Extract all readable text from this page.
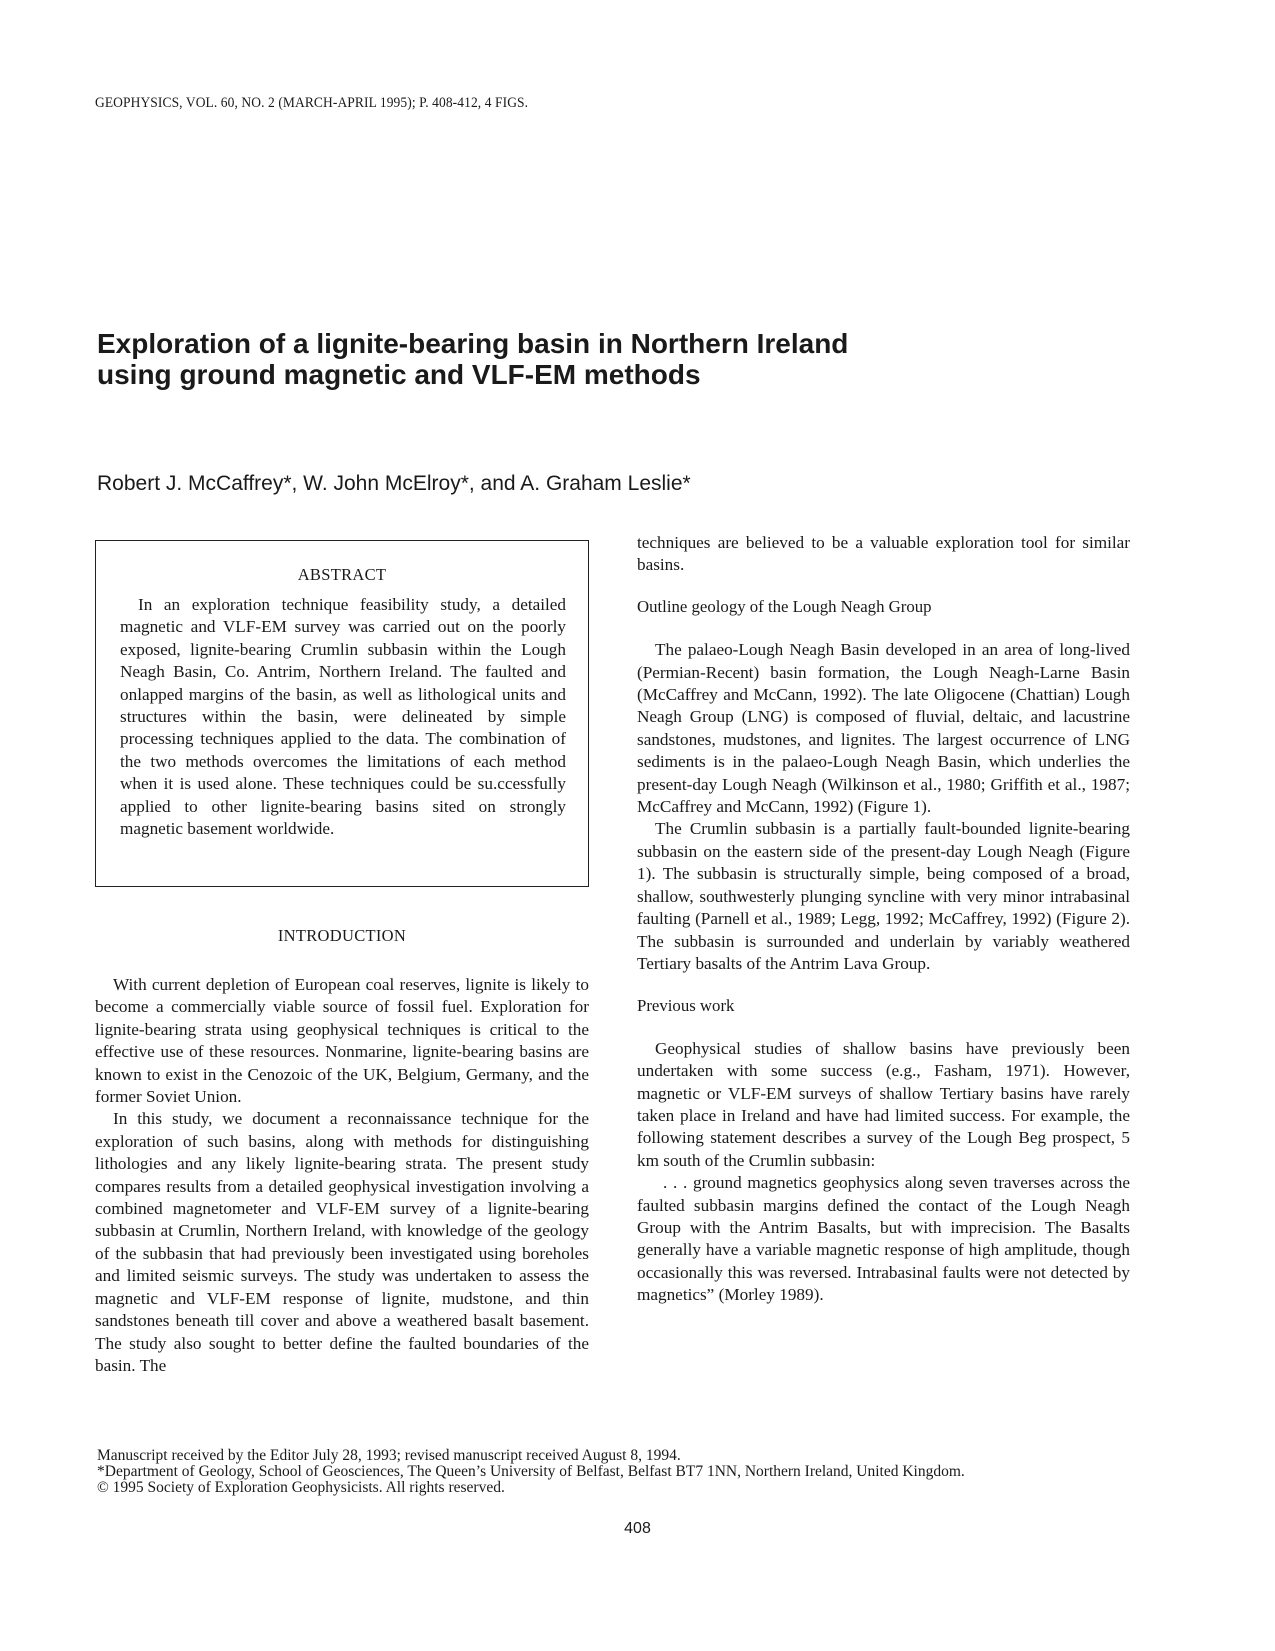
GEOPHYSICS, VOL. 60, NO. 2 (MARCH-APRIL 1995); P. 408-412, 4 FIGS.
Exploration of a lignite-bearing basin in Northern Ireland
using ground magnetic and VLF-EM methods

Robert J. McCaffrey*, W. John McElroy*, and A. Graham Leslie*

ABSTRACT

In an exploration technique feasibility study, a detailed magnetic and VLF-EM survey was carried out on the poorly exposed, lignite-bearing Crumlin subbasin within the Lough Neagh Basin, Co. Antrim, Northern Ireland. The faulted and onlapped margins of the basin, as well as lithological units and structures within the basin, were delineated by simple processing techniques applied to the data. The combination of the two methods overcomes the limitations of each method when it is used alone. These techniques could be su.ccessfully applied to other lignite-bearing basins sited on strongly magnetic basement worldwide.

INTRODUCTION

With current depletion of European coal reserves, lignite is likely to become a commercially viable source of fossil fuel. Exploration for lignite-bearing strata using geophysical techniques is critical to the effective use of these resources. Nonmarine, lignite-bearing basins are known to exist in the Cenozoic of the UK, Belgium, Germany, and the former Soviet Union.

In this study, we document a reconnaissance technique for the exploration of such basins, along with methods for distinguishing lithologies and any likely lignite-bearing strata. The present study compares results from a detailed geophysical investigation involving a combined magnetometer and VLF-EM survey of a lignite-bearing subbasin at Crumlin, Northern Ireland, with knowledge of the geology of the subbasin that had previously been investigated using boreholes and limited seismic surveys. The study was undertaken to assess the magnetic and VLF-EM response of lignite, mudstone, and thin sandstones beneath till cover and above a weathered basalt basement. The study also sought to better define the faulted boundaries of the basin. The

techniques are believed to be a valuable exploration tool for similar basins.

Outline geology of the Lough Neagh Group

The palaeo-Lough Neagh Basin developed in an area of long-lived (Permian-Recent) basin formation, the Lough Neagh-Larne Basin (McCaffrey and McCann, 1992). The late Oligocene (Chattian) Lough Neagh Group (LNG) is composed of fluvial, deltaic, and lacustrine sandstones, mudstones, and lignites. The largest occurrence of LNG sediments is in the palaeo-Lough Neagh Basin, which underlies the present-day Lough Neagh (Wilkinson et al., 1980; Griffith et al., 1987; McCaffrey and McCann, 1992) (Figure 1).

The Crumlin subbasin is a partially fault-bounded lignite-bearing subbasin on the eastern side of the present-day Lough Neagh (Figure 1). The subbasin is structurally simple, being composed of a broad, shallow, southwesterly plunging syncline with very minor intrabasinal faulting (Parnell et al., 1989; Legg, 1992; McCaffrey, 1992) (Figure 2). The subbasin is surrounded and underlain by variably weathered Tertiary basalts of the Antrim Lava Group.

Previous work

Geophysical studies of shallow basins have previously been undertaken with some success (e.g., Fasham, 1971). However, magnetic or VLF-EM surveys of shallow Tertiary basins have rarely taken place in Ireland and have had limited success. For example, the following statement describes a survey of the Lough Beg prospect, 5 km south of the Crumlin subbasin:

. . . ground magnetics geophysics along seven traverses across the faulted subbasin margins defined the contact of the Lough Neagh Group with the Antrim Basalts, but with imprecision. The Basalts generally have a variable magnetic response of high amplitude, though occasionally this was reversed. Intrabasinal faults were not detected by magnetics” (Morley 1989).

Manuscript received by the Editor July 28, 1993; revised manuscript received August 8, 1994.
*Department of Geology, School of Geosciences, The Queen’s University of Belfast, Belfast BT7 1NN, Northern Ireland, United Kingdom.
© 1995 Society of Exploration Geophysicists. All rights reserved.
408
